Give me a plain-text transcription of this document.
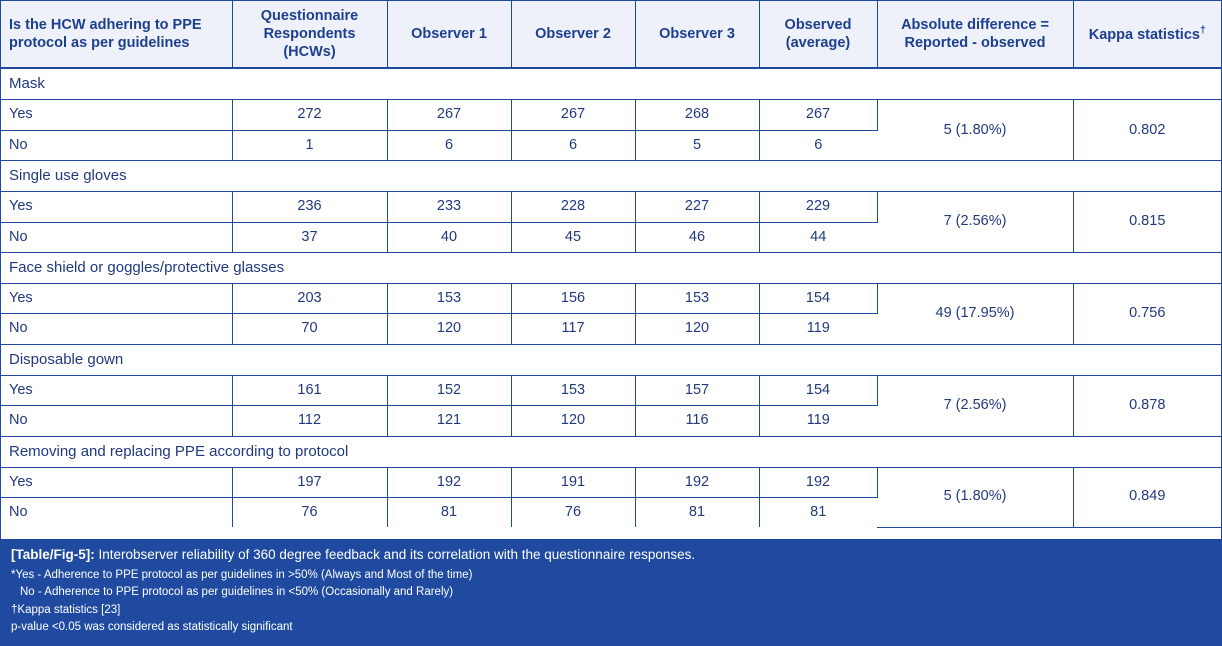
Is the HCW adhering to PPE protocol as per guidelines	Questionnaire Respondents (HCWs)	Observer 1	Observer 2	Observer 3	Observed (average)	Absolute difference = Reported - observed	Kappa statistics†
Mask							
Yes	272	267	267	268	267	5 (1.80%)	0.802
No	1	6	6	5	6		
Single use gloves							
Yes	236	233	228	227	229	7 (2.56%)	0.815
No	37	40	45	46	44		
Face shield or goggles/protective glasses							
Yes	203	153	156	153	154	49 (17.95%)	0.756
No	70	120	117	120	119		
Disposable gown							
Yes	161	152	153	157	154	7 (2.56%)	0.878
No	112	121	120	116	119		
Removing and replacing PPE according to protocol							
Yes	197	192	191	192	192	5 (1.80%)	0.849
No	76	81	76	81	81		
[Table/Fig-5]: Interobserver reliability of 360 degree feedback and its correlation with the questionnaire responses.
*Yes - Adherence to PPE protocol as per guidelines in >50% (Always and Most of the time)
No - Adherence to PPE protocol as per guidelines in <50% (Occasionally and Rarely)
†Kappa statistics [23]
p-value <0.05 was considered as statistically significant
